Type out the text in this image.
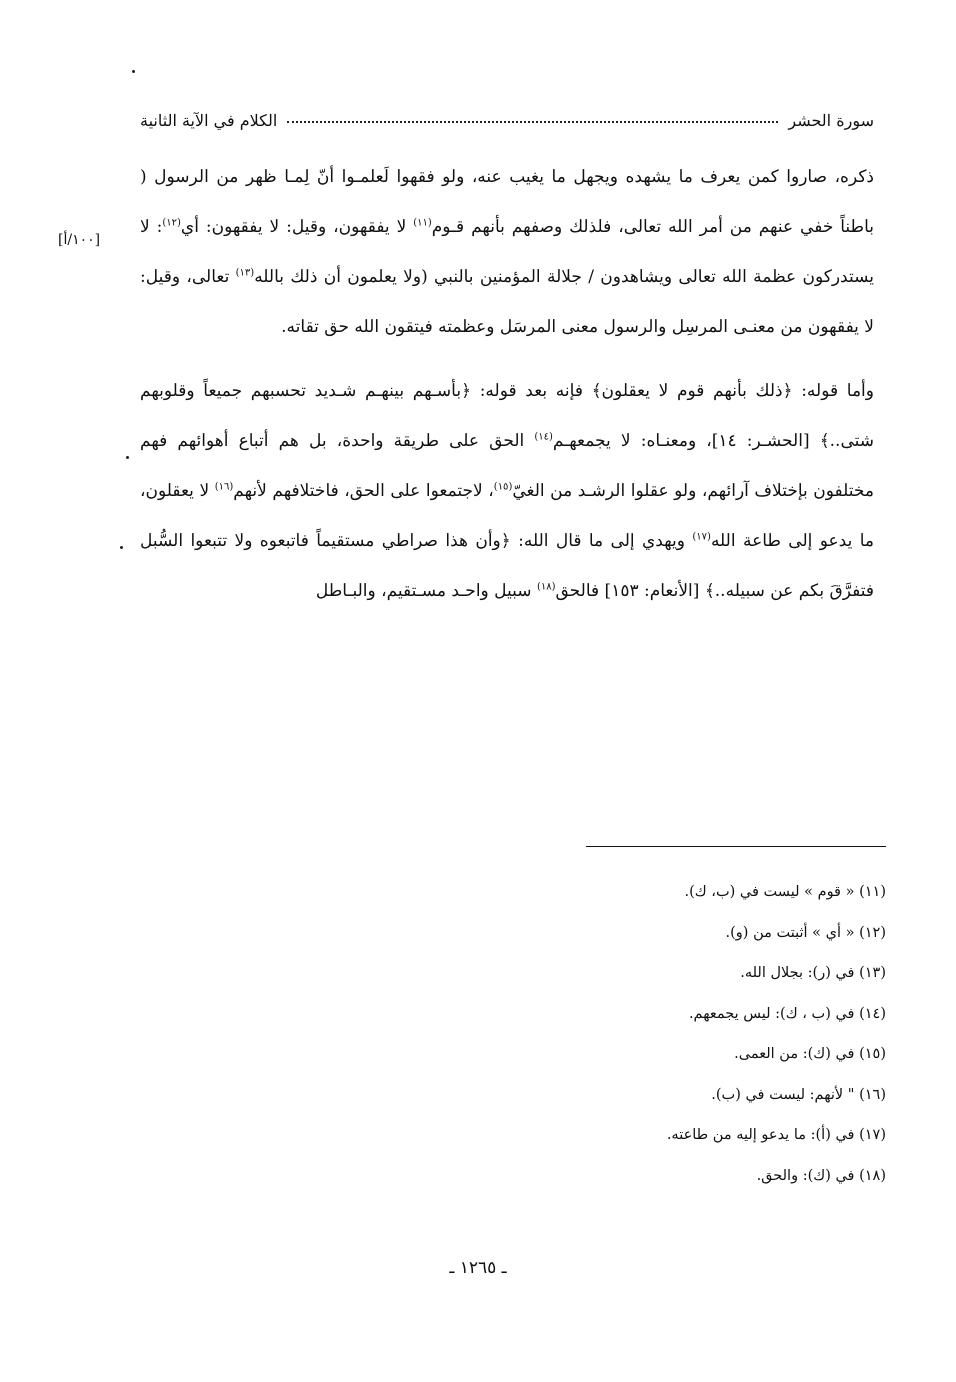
سورة الحشر
الكلام في الآية الثانية
[١٠٠/أ]

ذكره، صاروا كمن يعرف ما يشهده ويجهل ما يغيب عنه، ولو فقهوا لَعلمـوا أنّ لِمـا ظهر من الرسول ( باطناً خفي عنهم من أمر الله تعالى، فلذلك وصفهم بأنهم قـوم$^{(١١)}$ لا يفقهون، وقيل: لا يفقهون: أي$^{(١٢)}$: لا يستدركون عظمة الله تعالى ويشاهدون / جلالة المؤمنين بالنبي (ولا يعلمون أن ذلك بالله$^{(١٣)}$ تعالى، وقيل: لا يفقهون من معنـى المرسِل والرسول معنى المرسَل وعظمته فيتقون الله حق تقاته.

وأما قوله: ﴿ذلك بأنهم قوم لا يعقلون﴾ فإنه بعد قوله: ﴿بأسـهم بينهـم شـديد تحسبهم جميعاً وقلوبهم شتى..﴾ [الحشـر: ١٤]، ومعنـاه: لا يجمعهـم$^{(١٤)}$ الحق على طريقة واحدة، بل هم أتباع أهوائهم فهم مختلفون بإختلاف آرائهم، ولو عقلوا الرشـد من الغيّ$^{(١٥)}$، لاجتمعوا على الحق، فاختلافهم لأنهم$^{(١٦)}$ لا يعقلون، ما يدعو إلى طاعة الله$^{(١٧)}$ ويهدي إلى ما قال الله: ﴿وأن هذا صراطي مستقيماً فاتبعوه ولا تتبعوا السُّبل فتفرَّقَ بكم عن سبيله..﴾ [الأنعام: ١٥٣] فالحق$^{(١٨)}$ سبيل واحـد مسـتقيم، والبـاطل

(١١) « قوم » ليست في (ب، ك).
(١٢) « أي » أثبتت من (و).
(١٣) في (ر): بجلال الله.
(١٤) في (ب ، ك): ليس يجمعهم.
(١٥) في (ك): من العمى.
(١٦) " لأنهم: ليست في (ب).
(١٧) في (أ): ما يدعو إليه من طاعته.
(١٨) في (ك): والحق.
ـ ١٢٦٥ ـ
